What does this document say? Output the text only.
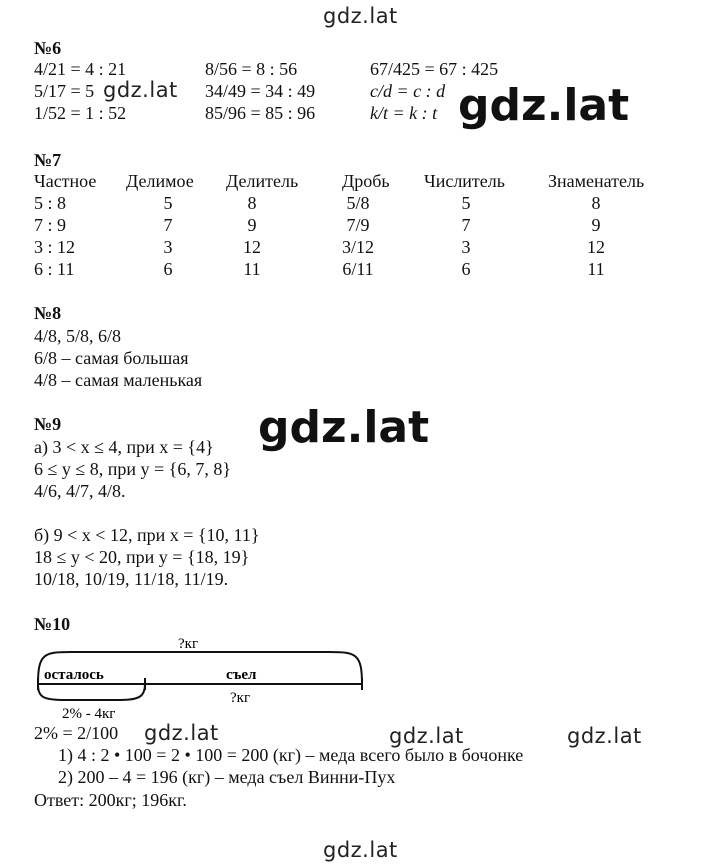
gdz.lat
№6
4/21 = 4 : 21	8/56 = 8 : 56	67/425 = 67 : 425
5/17 = 5 gdz.lat 34/49 = 34 : 49	c/d = c : d
1/52 = 1 : 52	85/96 = 85 : 96	k/t = k : t gdz.lat
№7
Частное Делимое Делитель Дробь Числитель Знаменатель
5 : 8	5	8	5/8	5	8
7 : 9	7	9	7/9	7	9
3 : 12	3	12	3/12	3	12
6 : 11	6	11	6/11	6	11
№8
4/8, 5/8, 6/8
6/8 – самая большая
4/8 – самая маленькая
№9
а) 3 < x ≤ 4, при x = {4}
6 ≤ y ≤ 8, при y = {6, 7, 8}
4/6, 4/7, 4/8.
gdz.lat
б) 9 < x < 12, при x = {10, 11}
18 ≤ y < 20, при y = {18, 19}
10/18, 10/19, 11/18, 11/19.
№10
?кг
осталось	съел
?кг
2% - 4кг
2% = 2/100 gdz.lat	gdz.lat	gdz.lat
1) 4 : 2 • 100 = 2 • 100 = 200 (кг) – меда всего было в бочонке
2) 200 – 4 = 196 (кг) – меда съел Винни-Пух
Ответ: 200кг; 196кг.
gdz.lat
